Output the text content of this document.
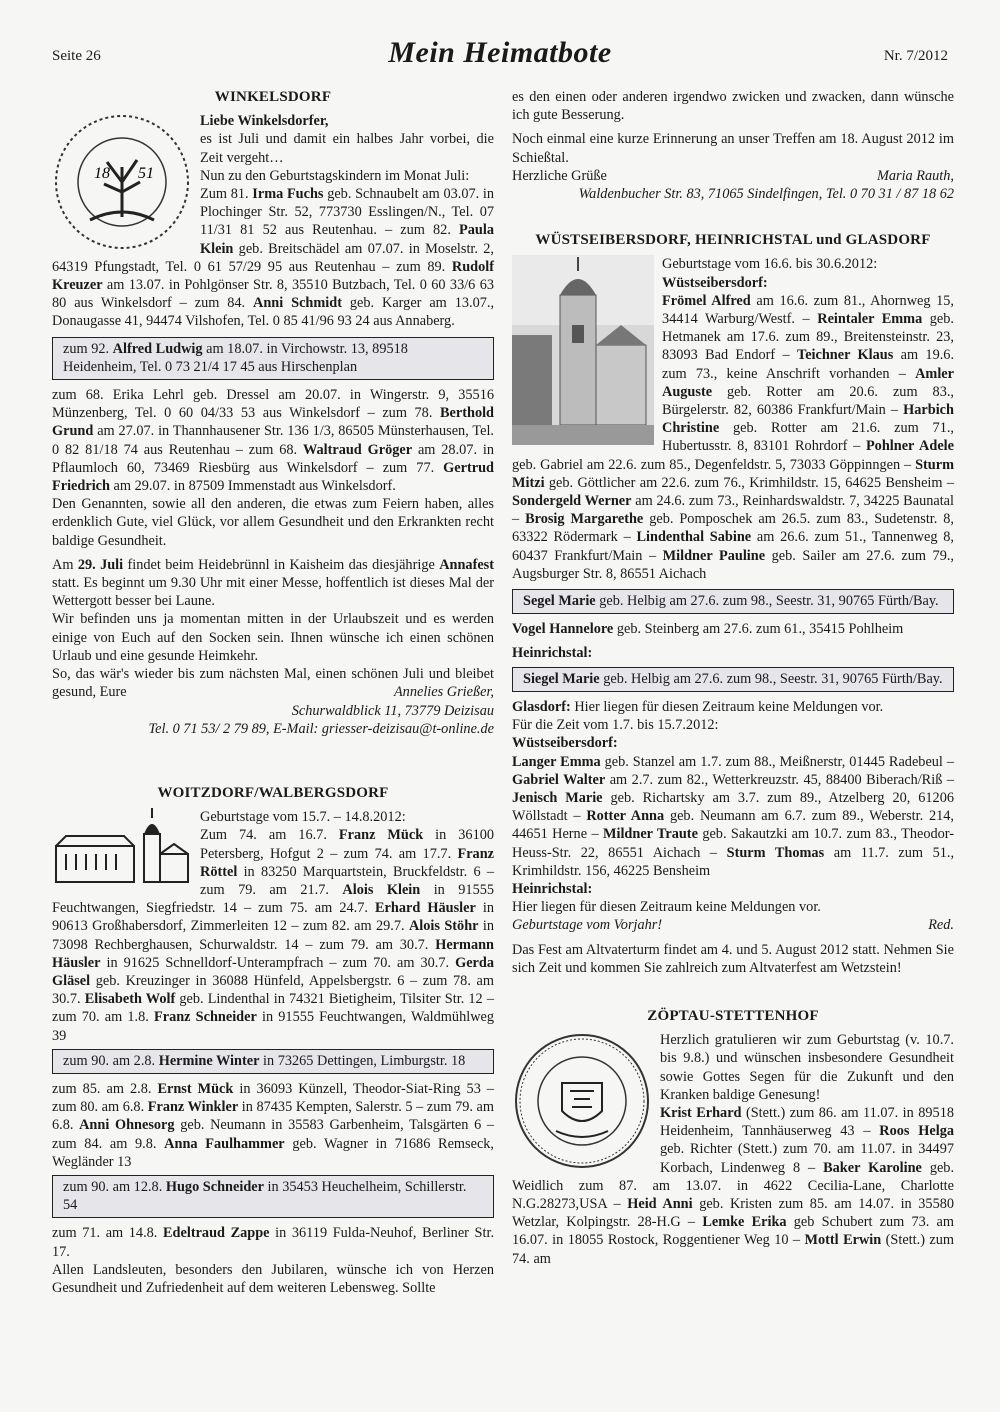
Seite 26	Mein Heimatbote	Nr. 7/2012
WINKELSDORF
18 51

Liebe Winkelsdorfer,

es ist Juli und damit ein halbes Jahr vorbei, die Zeit vergeht…

Nun zu den Geburtstagskindern im Monat Juli:

Zum 81. Irma Fuchs geb. Schnaubelt am 03.07. in Plochinger Str. 52, 773730 Esslingen/N., Tel. 07 11/31 81 52 aus Reutenhau. – zum 82. Paula Klein geb. Breitschädel am 07.07. in Moselstr. 2, 64319 Pfungstadt, Tel. 0 61 57/29 95 aus Reutenhau – zum 89. Rudolf Kreuzer am 13.07. in Pohlgönser Str. 8, 35510 Butzbach, Tel. 0 60 33/6 63 80 aus Winkelsdorf – zum 84. Anni Schmidt geb. Karger am 13.07., Donaugasse 41, 94474 Vilshofen, Tel. 0 85 41/96 93 24 aus Annaberg.

zum 92. Alfred Ludwig am 18.07. in Virchowstr. 13, 89518 Heidenheim, Tel. 0 73 21/4 17 45 aus Hirschenplan

zum 68. Erika Lehrl geb. Dressel am 20.07. in Wingerstr. 9, 35516 Münzenberg, Tel. 0 60 04/33 53 aus Winkelsdorf – zum 78. Berthold Grund am 27.07. in Thannhausener Str. 136 1/3, 86505 Münsterhausen, Tel. 0 82 81/18 74 aus Reutenhau – zum 68. Waltraud Gröger am 28.07. in Pflaumloch 60, 73469 Riesbürg aus Winkelsdorf – zum 77. Gertrud Friedrich am 29.07. in 87509 Immenstadt aus Winkelsdorf.

Den Genannten, sowie all den anderen, die etwas zum Feiern haben, alles erdenklich Gute, viel Glück, vor allem Gesundheit und den Erkrankten recht baldige Gesundheit.

Am 29. Juli findet beim Heidebrünnl in Kaisheim das diesjährige Annafest statt. Es beginnt um 9.30 Uhr mit einer Messe, hoffentlich ist dieses Mal der Wettergott besser bei Laune.

Wir befinden uns ja momentan mitten in der Urlaubszeit und es werden einige von Euch auf den Socken sein. Ihnen wünsche ich einen schönen Urlaub und eine gesunde Heimkehr.

So, das wär's wieder bis zum nächsten Mal, einen schönen Juli und bleibet gesund, Eure	Annelies Grießer,

Schurwaldblick 11, 73779 Deizisau

Tel. 0 71 53/ 2 79 89, E-Mail: griesser-deizisau@t-online.de

WOITZDORF/WALBERGSDORF

Geburtstage vom 15.7. – 14.8.2012:
Zum 74. am 16.7. Franz Mück in 36100 Petersberg, Hofgut 2 – zum 74. am 17.7. Franz Röttel in 83250 Marquartstein, Bruckfeldstr. 6 – zum 79. am 21.7. Alois Klein in 91555 Feuchtwangen, Siegfriedstr. 14 – zum 75. am 24.7. Erhard Häusler in 90613 Großhabersdorf, Zimmerleiten 12 – zum 82. am 29.7. Alois Stöhr in 73098 Rechberghausen, Schurwaldstr. 14 – zum 79. am 30.7. Hermann Häusler in 91625 Schnelldorf-Unterampfrach – zum 70. am 30.7. Gerda Gläsel geb. Kreuzinger in 36088 Hünfeld, Appelsbergstr. 6 – zum 78. am 30.7. Elisabeth Wolf geb. Lindenthal in 74321 Bietigheim, Tilsiter Str. 12 – zum 70. am 1.8. Franz Schneider in 91555 Feuchtwangen, Waldmühlweg 39

zum 90. am 2.8. Hermine Winter in 73265 Dettingen, Limburgstr. 18

zum 85. am 2.8. Ernst Mück in 36093 Künzell, Theodor-Siat-Ring 53 – zum 80. am 6.8. Franz Winkler in 87435 Kempten, Salerstr. 5 – zum 79. am 6.8. Anni Ohnesorg geb. Neumann in 35583 Garbenheim, Talsgärten 6 – zum 84. am 9.8. Anna Faulhammer geb. Wagner in 71686 Remseck, Wegländer 13

zum 90. am 12.8. Hugo Schneider in 35453 Heuchelheim, Schillerstr. 54

zum 71. am 14.8. Edeltraud Zappe in 36119 Fulda-Neuhof, Berliner Str. 17.

Allen Landsleuten, besonders den Jubilaren, wünsche ich von Herzen Gesundheit und Zufriedenheit auf dem weiteren Lebensweg. Sollte

es den einen oder anderen irgendwo zwicken und zwacken, dann wünsche ich gute Besserung.

Noch einmal eine kurze Erinnerung an unser Treffen am 18. August 2012 im Schießtal.

Herzliche Grüße	Maria Rauth,

Waldenbucher Str. 83, 71065 Sindelfingen, Tel. 0 70 31 / 87 18 62

WÜSTSEIBERSDORF, HEINRICHSTAL und GLASDORF

Geburtstage vom 16.6. bis 30.6.2012:

Wüstseibersdorf:

Frömel Alfred am 16.6. zum 81., Ahornweg 15, 34414 Warburg/Westf. – Reintaler Emma geb. Hetmanek am 17.6. zum 89., Breitensteinstr. 23, 83093 Bad Endorf – Teichner Klaus am 19.6. zum 73., keine Anschrift vorhanden – Amler Auguste geb. Rotter am 20.6. zum 83., Bürgelerstr. 82, 60386 Frankfurt/Main – Harbich Christine geb. Rotter am 21.6. zum 71., Hubertusstr. 8, 83101 Rohrdorf – Pohlner Adele geb. Gabriel am 22.6. zum 85., Degenfeldstr. 5, 73033 Göppinngen – Sturm Mitzi geb. Göttlicher am 22.6. zum 76., Krimhildstr. 15, 64625 Bensheim – Sondergeld Werner am 24.6. zum 73., Reinhardswaldstr. 7, 34225 Baunatal – Brosig Margarethe geb. Pomposchek am 26.5. zum 83., Sudetenstr. 8, 63322 Rödermark – Lindenthal Sabine am 26.6. zum 51., Tannenweg 8, 60437 Frankfurt/Main – Mildner Pauline geb. Sailer am 27.6. zum 79., Augsburger Str. 8, 86551 Aichach

Segel Marie geb. Helbig am 27.6. zum 98., Seestr. 31, 90765 Fürth/Bay.

Vogel Hannelore geb. Steinberg am 27.6. zum 61., 35415 Pohlheim

Heinrichstal:

Siegel Marie geb. Helbig am 27.6. zum 98., Seestr. 31, 90765 Fürth/Bay.

Glasdorf: Hier liegen für diesen Zeitraum keine Meldungen vor.

Für die Zeit vom 1.7. bis 15.7.2012:

Wüstseibersdorf:

Langer Emma geb. Stanzel am 1.7. zum 88., Meißnerstr, 01445 Radebeul – Gabriel Walter am 2.7. zum 82., Wetterkreuzstr. 45, 88400 Biberach/Riß – Jenisch Marie geb. Richartsky am 3.7. zum 89., Atzelberg 20, 61206 Wöllstadt – Rotter Anna geb. Neumann am 6.7. zum 89., Weberstr. 214, 44651 Herne – Mildner Traute geb. Sakautzki am 10.7. zum 83., Theodor-Heuss-Str. 22, 86551 Aichach – Sturm Thomas am 11.7. zum 51., Krimhildstr. 156, 46225 Bensheim

Heinrichstal:

Hier liegen für diesen Zeitraum keine Meldungen vor.

Geburtstage vom Vorjahr!	Red.

Das Fest am Altvaterturm findet am 4. und 5. August 2012 statt. Nehmen Sie sich Zeit und kommen Sie zahlreich zum Altvaterfest am Wetzstein!

ZÖPTAU-STETTENHOF

Herzlich gratulieren wir zum Geburtstag (v. 10.7. bis 9.8.) und wünschen insbesondere Gesundheit sowie Gottes Segen für die Zukunft und den Kranken baldige Genesung!

Krist Erhard (Stett.) zum 86. am 11.07. in 89518 Heidenheim, Tannhäuserweg 43 – Roos Helga geb. Richter (Stett.) zum 70. am 11.07. in 34497 Korbach, Lindenweg 8 – Baker Karoline geb. Weidlich zum 87. am 13.07. in 4622 Cecilia-Lane, Charlotte N.G.28273,USA – Heid Anni geb. Kristen zum 85. am 14.07. in 35580 Wetzlar, Kolpingstr. 28-H.G – Lemke Erika geb Schubert zum 73. am 16.07. in 18055 Rostock, Roggentiener Weg 10 – Mottl Erwin (Stett.) zum 74. am
